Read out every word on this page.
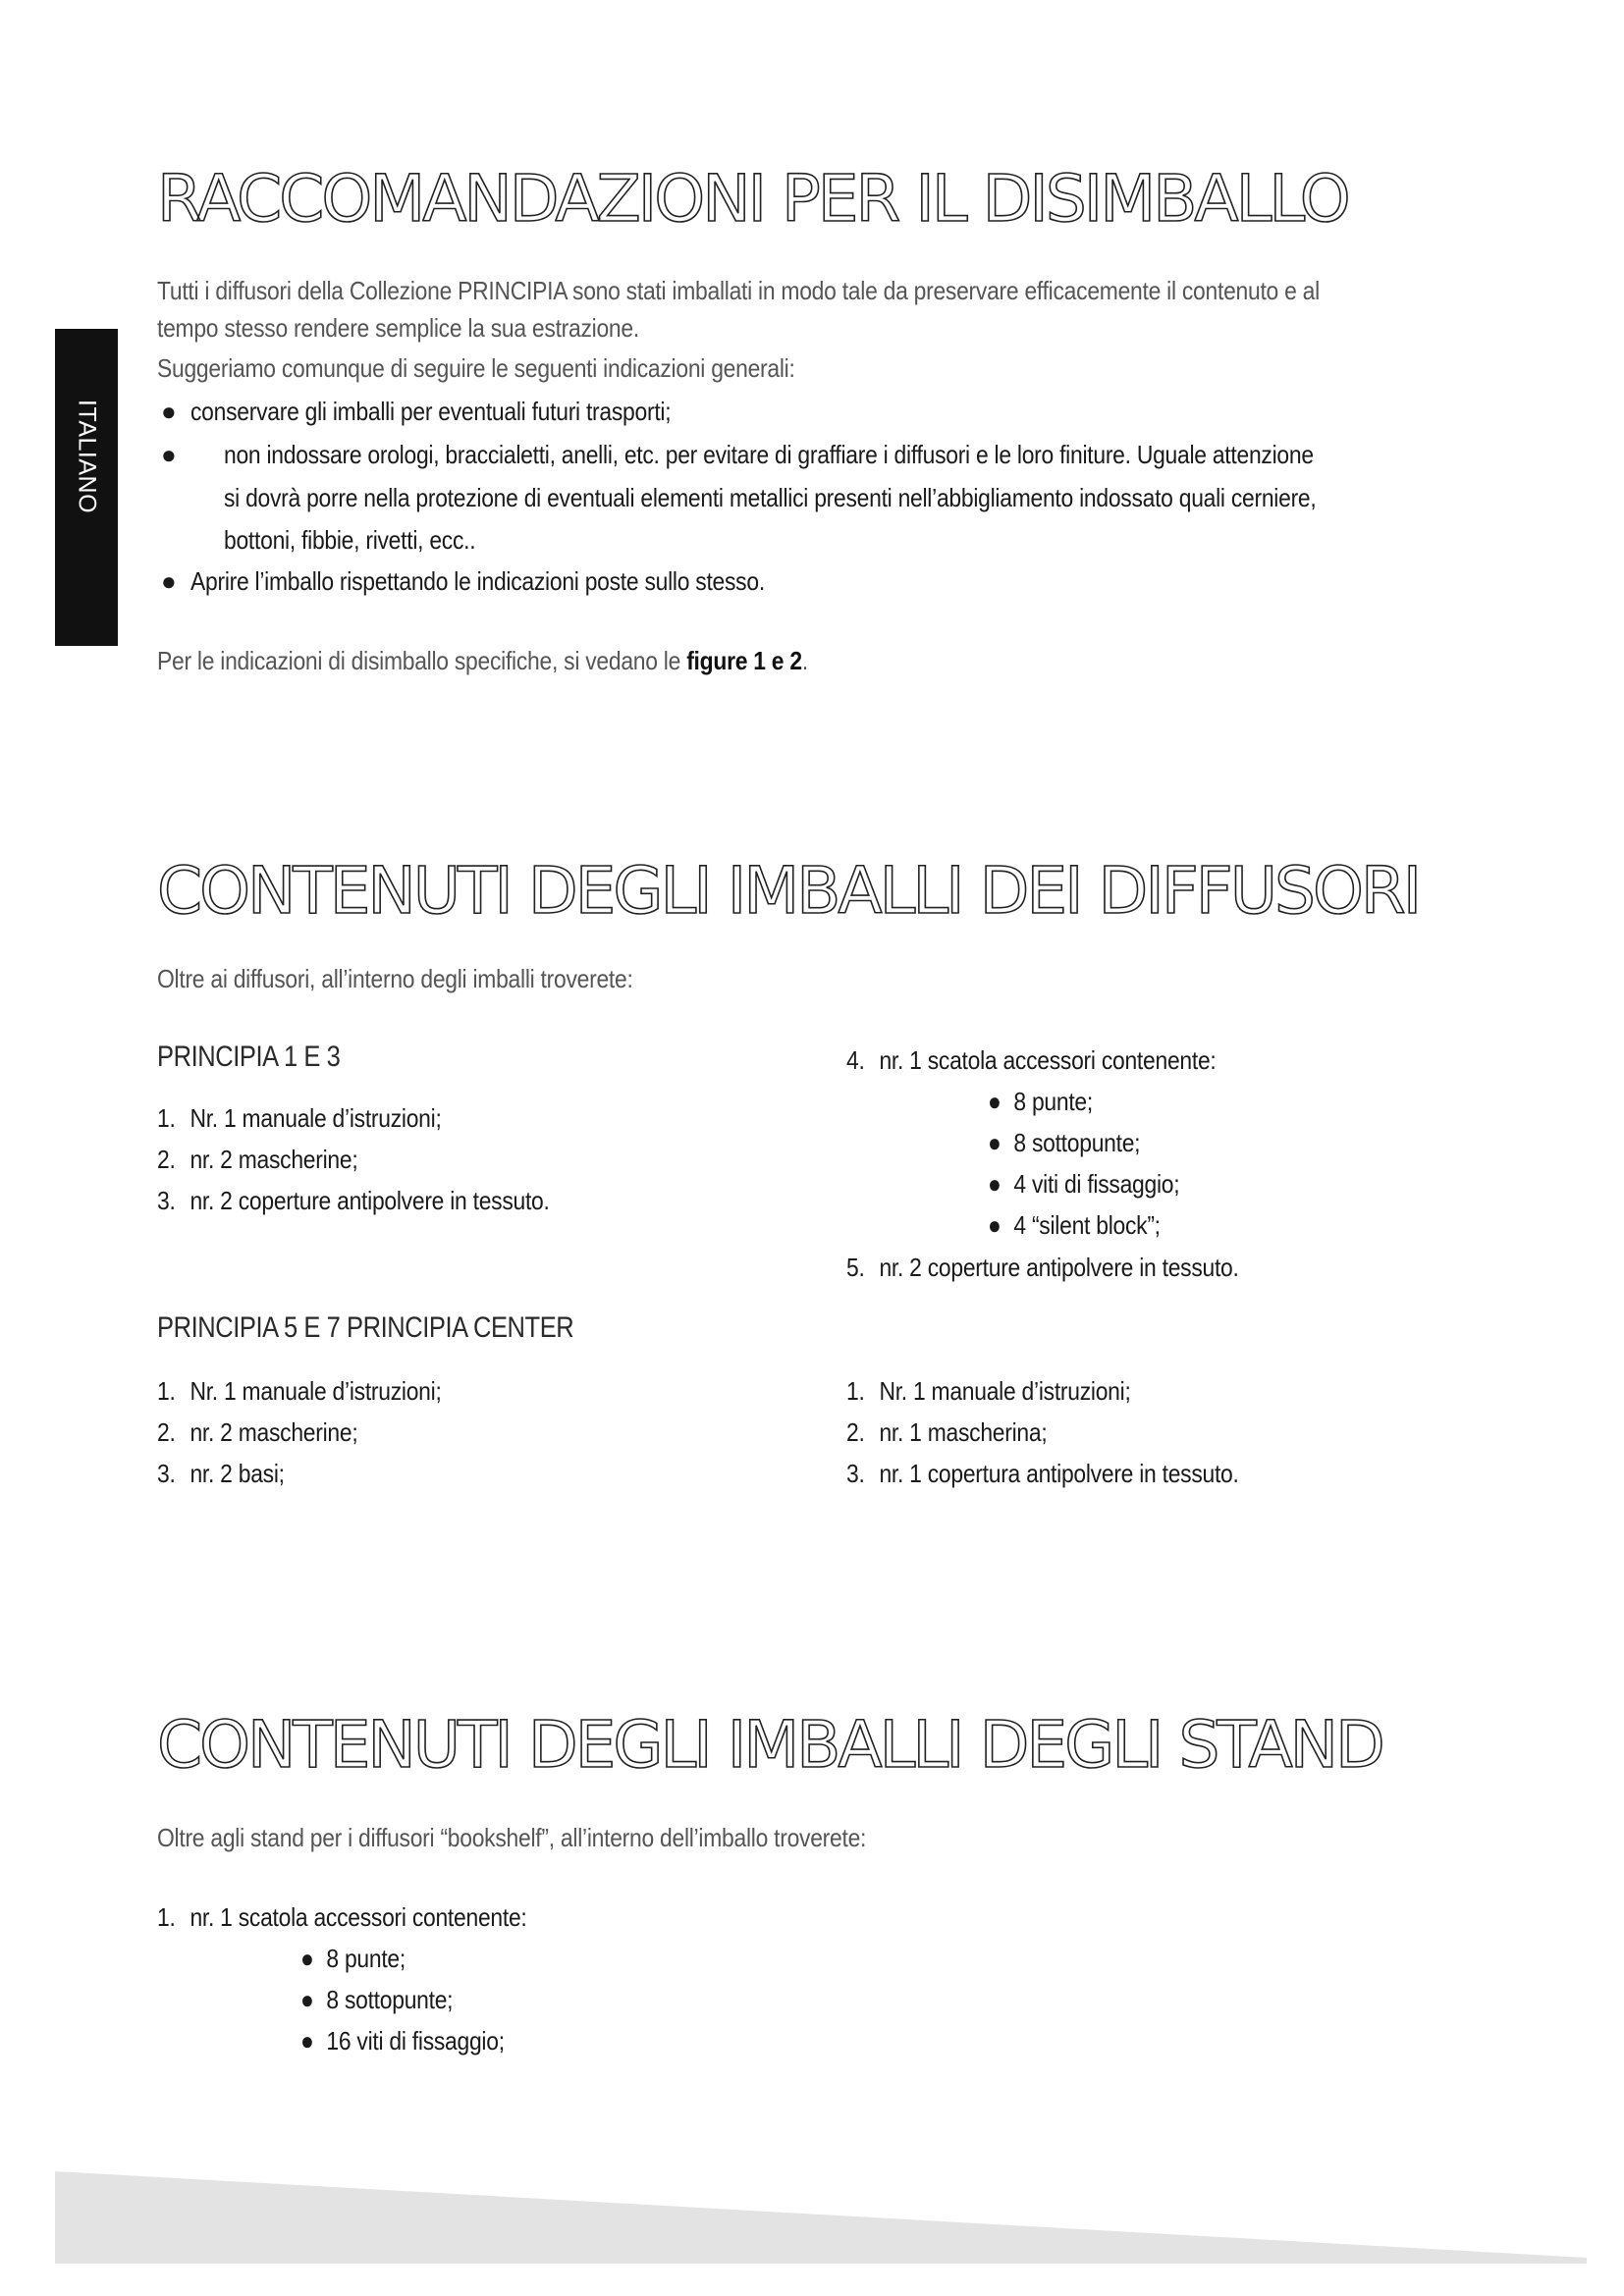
ITALIANO
RACCOMANDAZIONI PER IL DISIMBALLO
Tutti i diffusori della Collezione PRINCIPIA sono stati imballati in modo tale da preservare efficacemente il contenuto e al
tempo stesso rendere semplice la sua estrazione.
Suggeriamo comunque di seguire le seguenti indicazioni generali:
● conservare gli imballi per eventuali futuri trasporti;
● non indossare orologi, braccialetti, anelli, etc. per evitare di graffiare i diffusori e le loro finiture. Uguale attenzione
si dovrà porre nella protezione di eventuali elementi metallici presenti nell’abbigliamento indossato quali cerniere,
bottoni, fibbie, rivetti, ecc..
● Aprire l’imballo rispettando le indicazioni poste sullo stesso.
Per le indicazioni di disimballo specifiche, si vedano le figure 1 e 2.
CONTENUTI DEGLI IMBALLI DEI DIFFUSORI
Oltre ai diffusori, all’interno degli imballi troverete:
PRINCIPIA 1 E 3
1. Nr. 1 manuale d’istruzioni;
2. nr. 2 mascherine;
3. nr. 2 coperture antipolvere in tessuto.
4. nr. 1 scatola accessori contenente:
● 8 punte;
● 8 sottopunte;
● 4 viti di fissaggio;
● 4 “silent block”;
5. nr. 2 coperture antipolvere in tessuto.
PRINCIPIA 5 E 7 PRINCIPIA CENTER
1. Nr. 1 manuale d’istruzioni;
2. nr. 2 mascherine;
3. nr. 2 basi;
1. Nr. 1 manuale d’istruzioni;
2. nr. 1 mascherina;
3. nr. 1 copertura antipolvere in tessuto.
CONTENUTI DEGLI IMBALLI DEGLI STAND
Oltre agli stand per i diffusori “bookshelf”, all’interno dell’imballo troverete:
1. nr. 1 scatola accessori contenente:
● 8 punte;
● 8 sottopunte;
● 16 viti di fissaggio;
